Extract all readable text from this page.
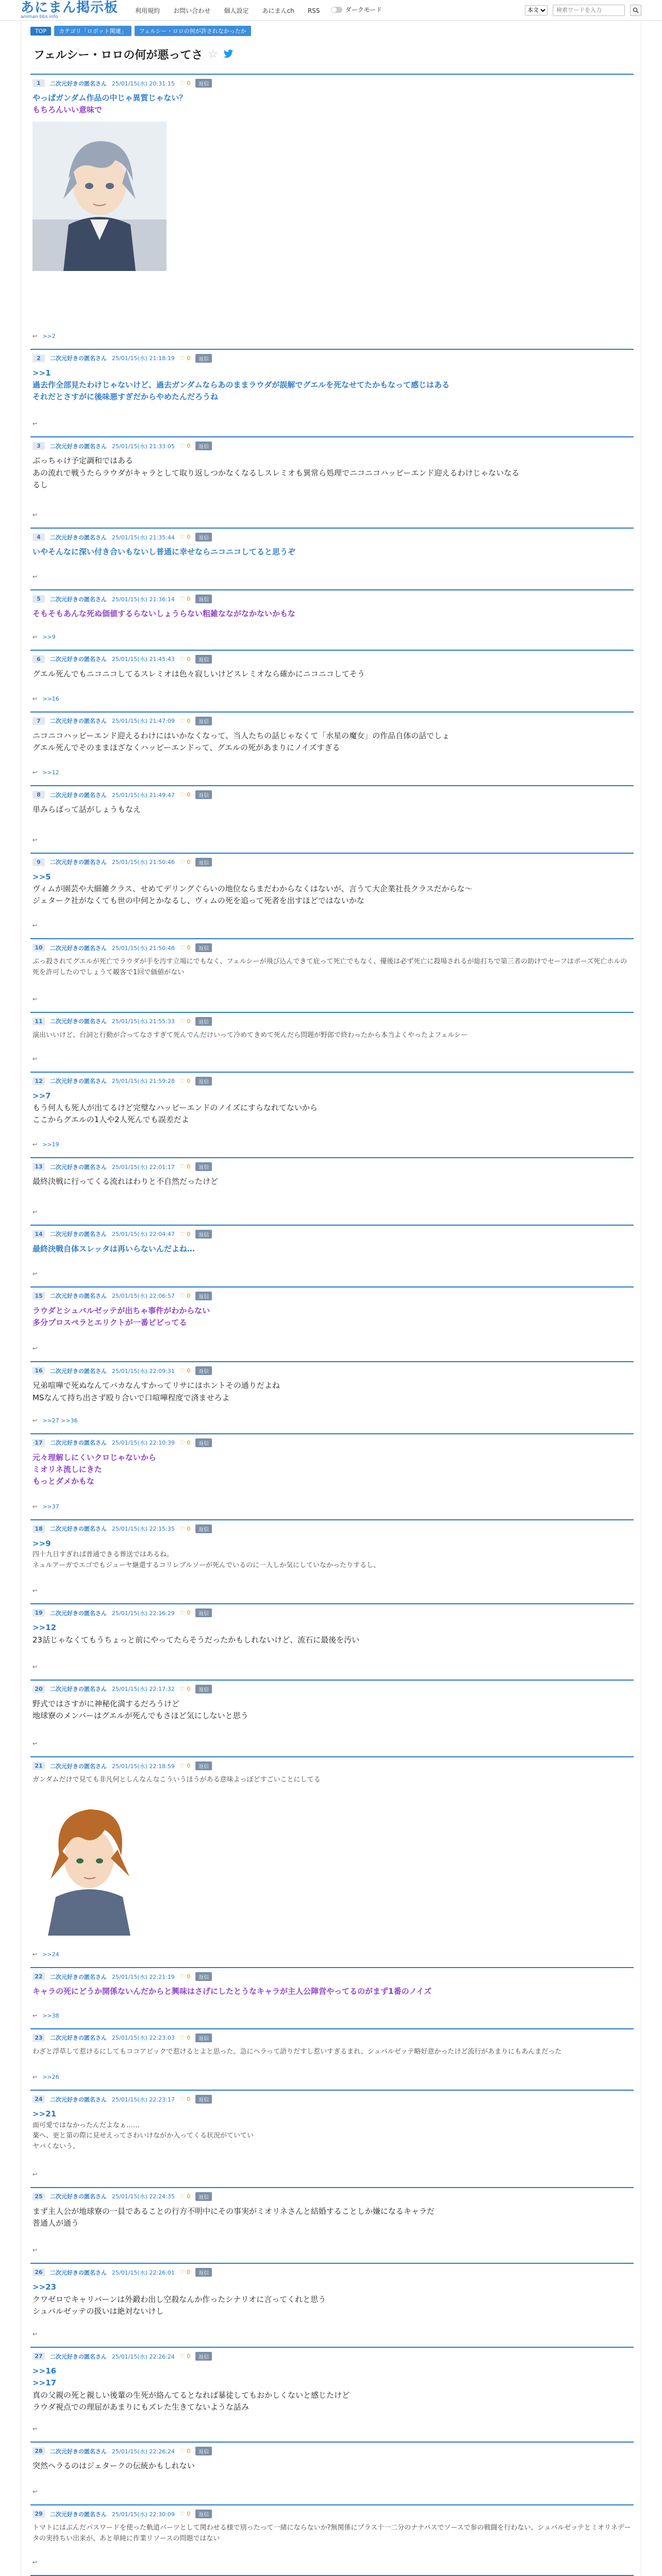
あにまん掲示板
animan bbs info
利用規約 お問い合わせ 個人設定 あにまんch RSS	ダークモード
本文
検索ワードを入力
TOP	カテゴリ「ロボット関連」	フェルシー・ロロの何が許されなかったか
フェルシー・ロロの何が悪ってさ ☆
1	二次元好きの匿名さん 25/01/15(水) 20:31:15 ♡ 0	返信
やっぱガンダム作品の中じゃ異質じゃない？
もちろんいい意味で
↩ >>2
2	二次元好きの匿名さん 25/01/15(水) 21:18:19 ♡ 0	返信
>>1
過去作全部見たわけじゃないけど、過去ガンダムならあのままラウダが誤解でグエルを死なせてたかもなって感じはある
それだとさすがに後味悪すぎだからやめたんだろうね
↩
3	二次元好きの匿名さん 25/01/15(水) 21:33:05 ♡ 0	返信
ぶっちゃけ予定調和ではある
あの流れで戦うたらラウダがキャラとして取り返しつかなくなるしスレミオも異常ら処理でニコニコハッピーエンド迎えるわけじゃないなる
るし
↩
4	二次元好きの匿名さん 25/01/15(水) 21:35:44 ♡ 0	返信
いやそんなに深い付き合いもないし普通に幸せならニコニコしてると思うぞ
↩
5	二次元好きの匿名さん 25/01/15(水) 21:36:14 ♡ 0	返信
そもそもあんな死ぬ価値するらないしょうらない粗雑なながなかないかもな
↩ >>9
6	二次元好きの匿名さん 25/01/15(水) 21:45:43 ♡ 0	返信
グエル死んでもニコニコしてるスレミオは色々寂しいけどスレミオなら確かにニコニコしてそう
↩ >>16
7	二次元好きの匿名さん 25/01/15(水) 21:47:09 ♡ 0	返信
ニコニコハッピーエンド迎えるわけにはいかなくなって、当人たちの話じゃなくて「水星の魔女」の作品自体の話でしょ
グエル死んでそのままほざなくハッピーエンドって、グエルの死があまりにノイズすぎる
↩ >>12
8	二次元好きの匿名さん 25/01/15(水) 21:49:47 ♡ 0	返信
単みらばって話がしょうもなえ
↩
9	二次元好きの匿名さん 25/01/15(水) 21:50:46 ♡ 0	返信
>>5
ヴィムが園芸や大細雑クラス、せめてデリングぐらいの地位ならまだわからなくはないが、言うて大企業社長クラスだからな～
ジェターク社がなくても世の中何とかなるし、ヴィムの死を追って死者を出すほどではないかな
↩
10	二次元好きの匿名さん 25/01/15(水) 21:50:48 ♡ 0	返信
ぶっ殺されてグエルが死亡でラウダが手を汚す立場にでもなく、フェルシーが飛び込んできて庇って死亡でもなく、優後は必ず死亡に殺場されるが総打ちで第三者の助けでセーフはポーズ死亡ホルの死を許可したのでしょうて観客で1回で価値がない
↩
11	二次元好きの匿名さん 25/01/15(水) 21:55:33 ♡ 0	返信
演出いいけど、台詞と行動が合ってなさすぎて死んでんだけいって冷めてきめて死んだら問題が野郎で終わったから本当よくやったよフェルシー
↩
12	二次元好きの匿名さん 25/01/15(水) 21:59:28 ♡ 0	返信
>>7
もう何人も死人が出てるけど完璧なハッピーエンドのノイズにすらなれてないから
ここからグエルの1人や2人死んでも誤差だよ
↩ >>19
13	二次元好きの匿名さん 25/01/15(水) 22:01:17 ♡ 0	返信
最終決戦に行ってくる流れはわりと不自然だったけど
↩
14	二次元好きの匿名さん 25/01/15(水) 22:04:47 ♡ 0	返信
最終決戦自体スレッタは再いらないんだよね…
↩
15	二次元好きの匿名さん 25/01/15(水) 22:06:57 ♡ 0	返信
ラウダとシュバルゼッテが出ちゃ事件がわからない
多分プロスペラとエリクトが一番ビビってる
↩
16	二次元好きの匿名さん 25/01/15(水) 22:09:31 ♡ 0	返信
兄弟喧嘩で死ぬなんてバカなんすかってリサにはホントその通りだよね
MSなんて持ち出さず殴り合いで口喧嘩程度で済ませろよ
↩ >>27 >>36
17	二次元好きの匿名さん 25/01/15(水) 22:10:39 ♡ 0	返信
元々理解しにくいクロじゃないから
ミオリネ流しにきた
もっとダメかもな
↩ >>37
18	二次元好きの匿名さん 25/01/15(水) 22:15:35 ♡ 0	返信
>>9
四十九日すぎれば普通できる葬送ではあるね。
ネュルアーガでエゴでもジューヤ継還するコリレブルソーが死んでいるのに一人しか気にしていなかったりするし、
↩
19	二次元好きの匿名さん 25/01/15(水) 22:16:29 ♡ 0	返信
>>12
23話じゃなくてもうちょっと前にやってたらそうだったかもしれないけど、流石に最後を汚い
↩
20	二次元好きの匿名さん 25/01/15(水) 22:17:32 ♡ 0	返信
野式ではさすがに神秘化満するだろうけど
地球寮のメンバーはグエルが死んでもさほど気にしないと思う
↩
21	二次元好きの匿名さん 25/01/15(水) 22:18:59 ♡ 0	返信
ガンダムだけで見ても非凡何としんなんなこういうほうがある意味よっぽどすごいことにしてる
↩ >>24
22	二次元好きの匿名さん 25/01/15(水) 22:21:19 ♡ 0	返信
キャラの死にどうか開係ないんだからと興味はさげにしたとうなキャラが主人公陣営やってるのがまず1番のノイズ
↩ >>38
23	二次元好きの匿名さん 25/01/15(水) 22:23:03 ♡ 0	返信
わざと浮草して惹けるにしてもココアピックで惹けるとよと思った。急にヘラって語りだすし惹いすぎるまれ、シュバルゼッテ略好意かったけど流行があまりにもあんまだった
↩ >>26
24	二次元好きの匿名さん 25/01/15(水) 22:23:17 ♡ 0	返信
>>21
面可愛ではなかったんだよなぁ……
薬へ、更と第の際に見せえってさわいけながか入ってくる状況がていてい
ヤバくないう、
↩
25	二次元好きの匿名さん 25/01/15(水) 22:24:35 ♡ 0	返信
まず主人公が地球寮の一員であることの行方不明中にその事実がミオリネさんと結婚することしか嫌になるキャラだ
普通人が通う
↩
26	二次元好きの匿名さん 25/01/15(水) 22:26:01 ♡ 0	返信
>>23
クワゼロでキャリバーンは外鍛わ出し空殺なんか作ったシナリオに言ってくれと思う
シュバルゼッテの扱いは絶対ないけし
↩
27	二次元好きの匿名さん 25/01/15(水) 22:26:24 ♡ 0	返信
>>16
>>17
真の父親の死と親しい後輩の生死が絡んてるとなれば暴徒してもおかしくないと感じたけど
ラウダ視点での理屈があまりにもズレた生きてないような話み
↩
28	二次元好きの匿名さん 25/01/15(水) 22:26:24 ♡ 0	返信
突然ヘラるのはジェタークの伝統かもしれない
↩
29	二次元好きの匿名さん 25/01/15(水) 22:30:09 ♡ 0	返信
トマトにはぶんだパスワードを使った軌道パーツとして関わせる様で別ったって一緒にならないか?無関係にプラス十一二分のナナパスでソースで参の戦闘を行わない、シュバルゼッテとミオリネデータの実持ちい出来が、あと単純に作業リソースの問題ではない
↩
